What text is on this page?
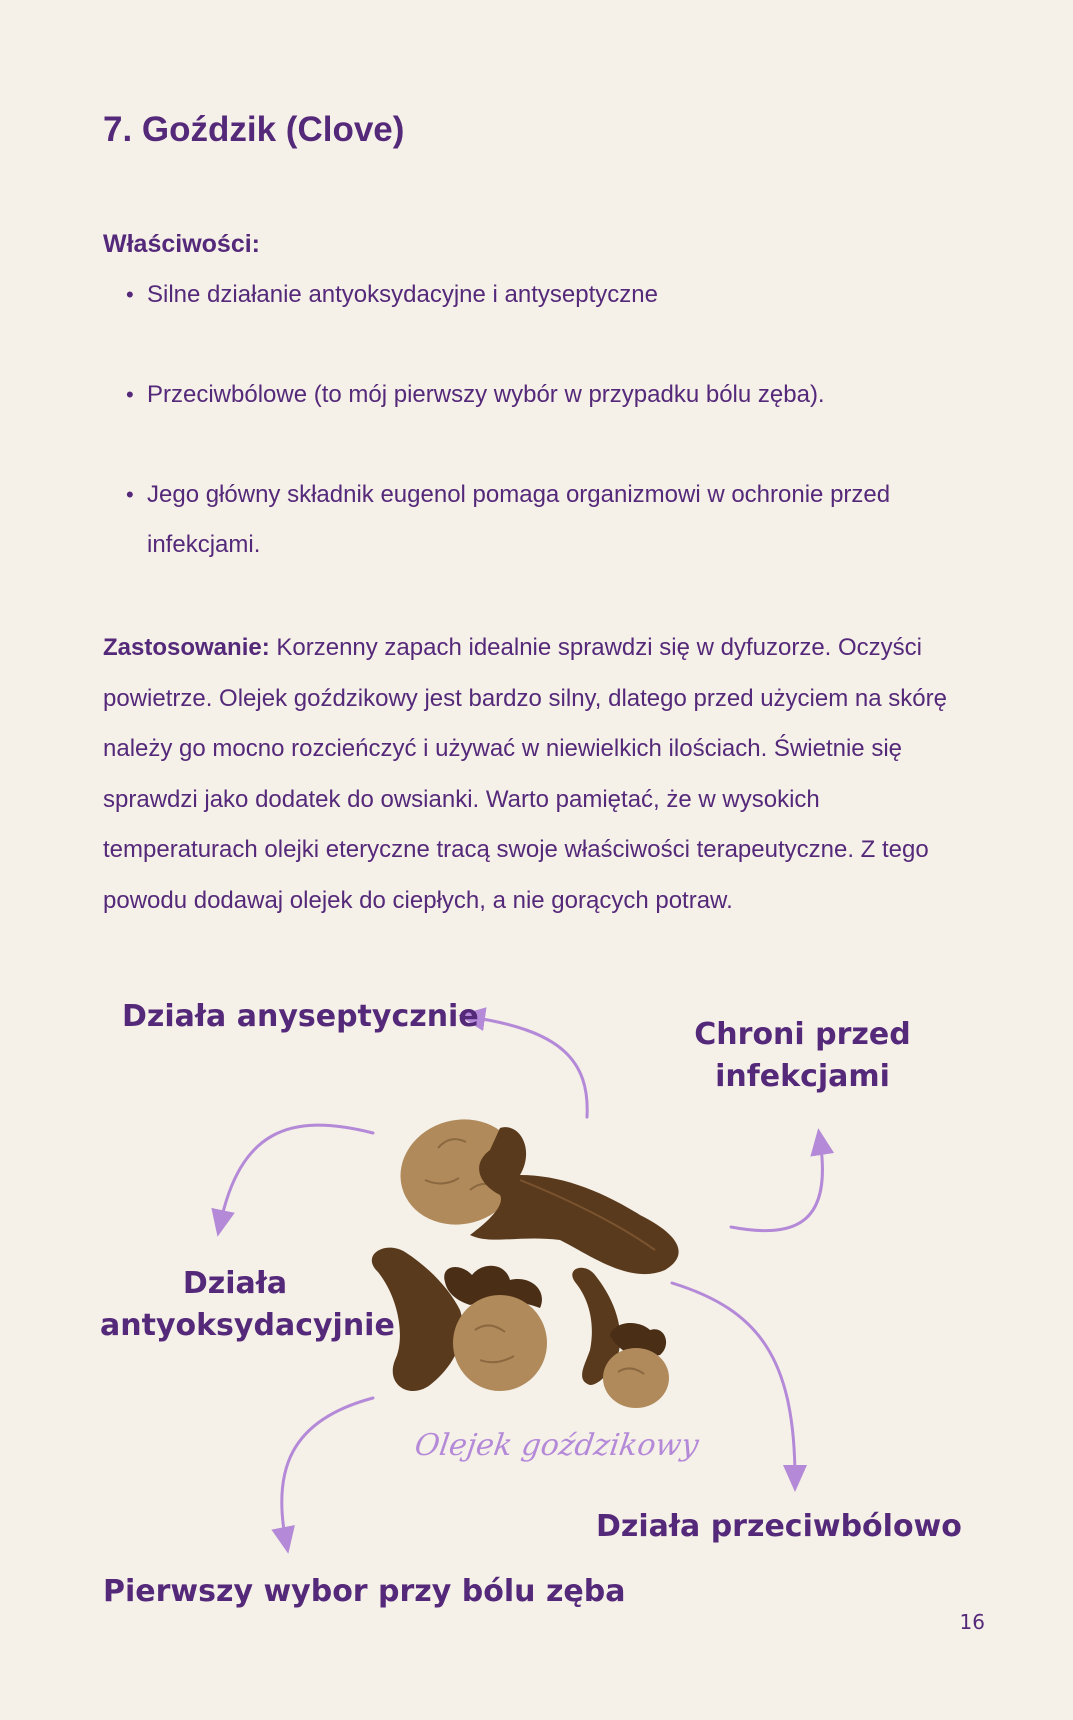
7. Goździk (Clove)
Właściwości:
• Silne działanie antyoksydacyjne i antyseptyczne
• Przeciwbólowe (to mój pierwszy wybór w przypadku bólu zęba).
• Jego główny składnik eugenol pomaga organizmowi w ochronie przed infekcjami.

Zastosowanie: Korzenny zapach idealnie sprawdzi się w dyfuzorze. Oczyści powietrze. Olejek goździkowy jest bardzo silny, dlatego przed użyciem na skórę należy go mocno rozcieńczyć i używać w niewielkich ilościach. Świetnie się sprawdzi jako dodatek do owsianki. Warto pamiętać, że w wysokich temperaturach olejki eteryczne tracą swoje właściwości terapeutyczne. Z tego powodu dodawaj olejek do ciepłych, a nie gorących potraw.

Działa anyseptycznie
Chroni przed
infekcjami
Działa
antyoksydacyjnie
Olejek goździkowy
Działa przeciwbólowo
Pierwszy wybor przy bólu zęba
16
